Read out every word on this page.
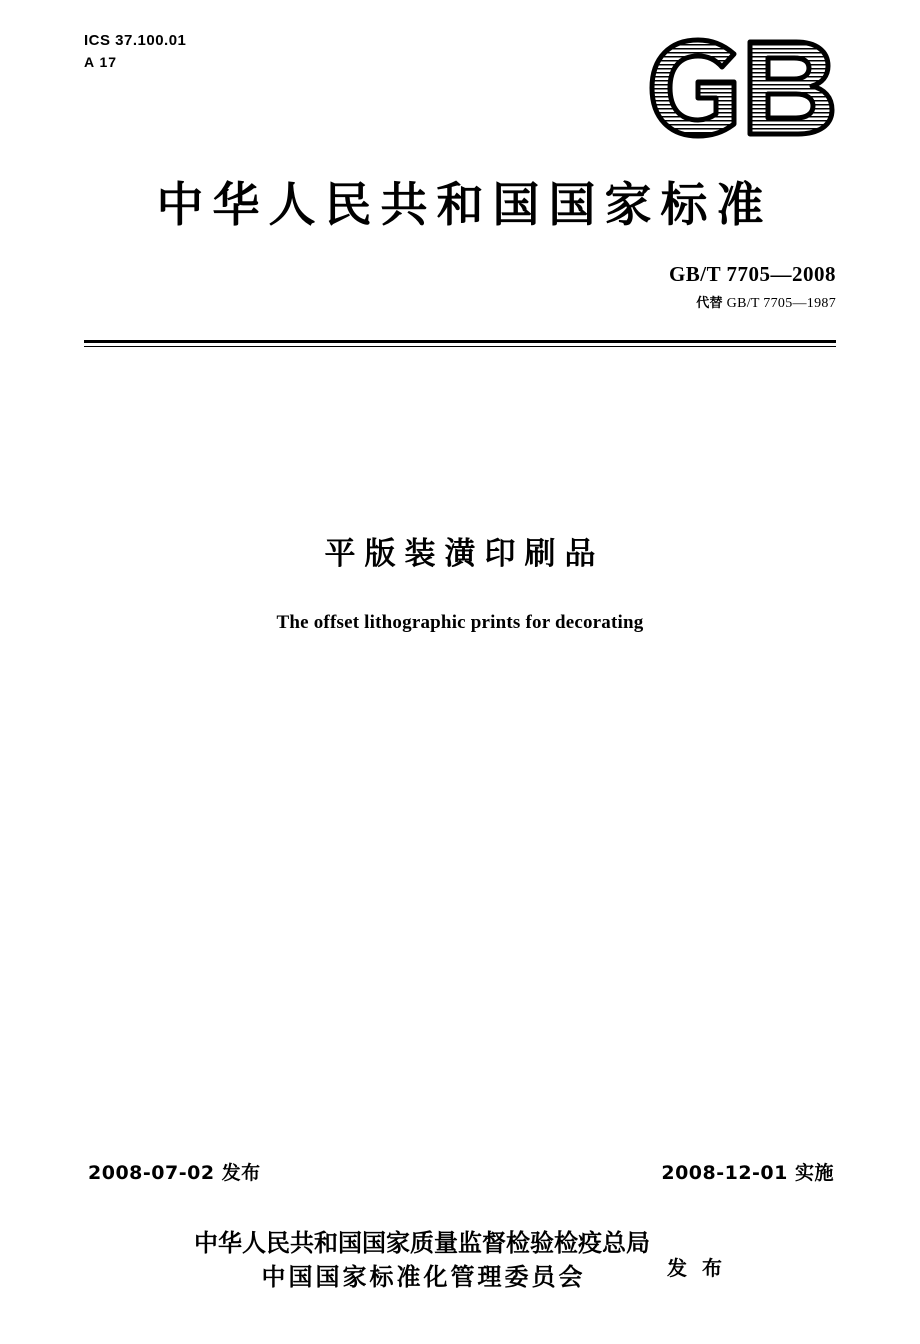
ICS 37.100.01
A 17
中华人民共和国国家标准
GB/T 7705—2008
代替 GB/T 7705—1987
平版装潢印刷品
The offset lithographic prints for decorating
2008-07-02 发布	2008-12-01 实施
中华人民共和国国家质量监督检验检疫总局
中国国家标准化管理委员会	发 布
